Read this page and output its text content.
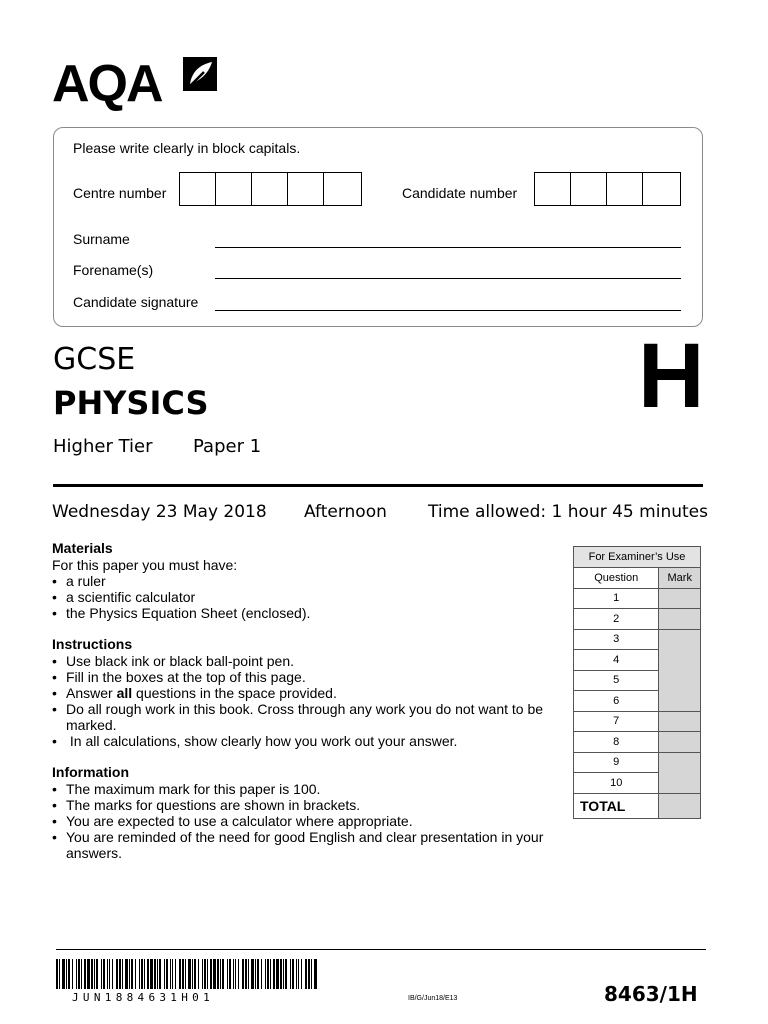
AQA
Please write clearly in block capitals.
Centre number	Candidate number
Surname
Forename(s)
Candidate signature
GCSE
PHYSICS
Higher Tier Paper 1
H
Wednesday 23 May 2018 Afternoon Time allowed: 1 hour 45 minutes
Materials
For this paper you must have:
• a ruler
• a scientific calculator
• the Physics Equation Sheet (enclosed).
Instructions
• Use black ink or black ball-point pen.
• Fill in the boxes at the top of this page.
• Answer all questions in the space provided.
• Do all rough work in this book. Cross through any work you do not want to be marked.
•  In all calculations, show clearly how you work out your answer.
Information
• The maximum mark for this paper is 100.
• The marks for questions are shown in brackets.
• You are expected to use a calculator where appropriate.
• You are reminded of the need for good English and clear presentation in your answers.
For Examiner’s Use	
Question	Mark
1	
2	
3	
4	
5	
6	
7	
8	
9	
10	
TOTAL	
JUN1884631H01	IB/G/Jun18/E13	8463/1H
